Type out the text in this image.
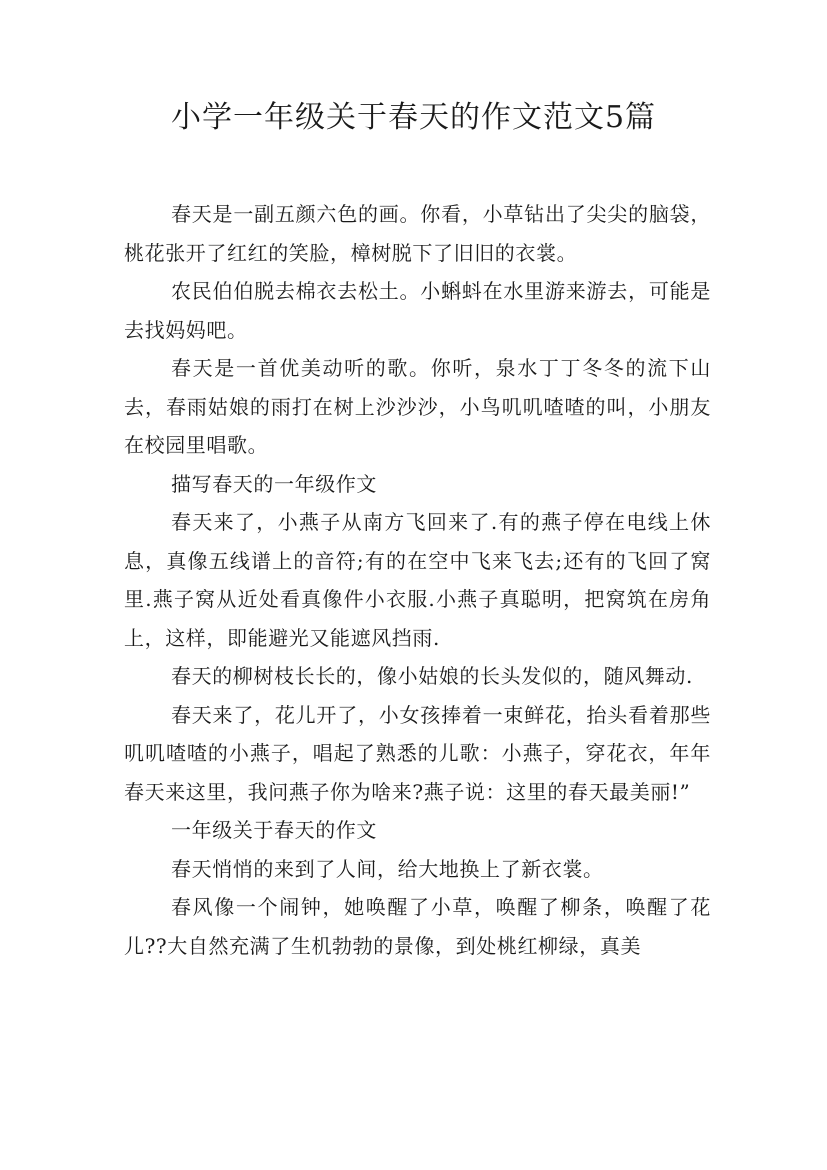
小学一年级关于春天的作文范文5篇

春天是一副五颜六色的画。你看，小草钻出了尖尖的脑袋，桃花张开了红红的笑脸，樟树脱下了旧旧的衣裳。

农民伯伯脱去棉衣去松土。小蝌蚪在水里游来游去，可能是去找妈妈吧。

春天是一首优美动听的歌。你听，泉水丁丁冬冬的流下山去，春雨姑娘的雨打在树上沙沙沙，小鸟叽叽喳喳的叫，小朋友在校园里唱歌。

描写春天的一年级作文

春天来了，小燕子从南方飞回来了.有的燕子停在电线上休息，真像五线谱上的音符;有的在空中飞来飞去;还有的飞回了窝里.燕子窝从近处看真像件小衣服.小燕子真聪明，把窝筑在房角上，这样，即能避光又能遮风挡雨.

春天的柳树枝长长的，像小姑娘的长头发似的，随风舞动.

春天来了，花儿开了，小女孩捧着一束鲜花，抬头看着那些叽叽喳喳的小燕子，唱起了熟悉的儿歌：小燕子，穿花衣，年年春天来这里，我问燕子你为啥来?燕子说：这里的春天最美丽!”

一年级关于春天的作文

春天悄悄的来到了人间，给大地换上了新衣裳。

春风像一个闹钟，她唤醒了小草，唤醒了柳条，唤醒了花儿??大自然充满了生机勃勃的景像，到处桃红柳绿，真美
